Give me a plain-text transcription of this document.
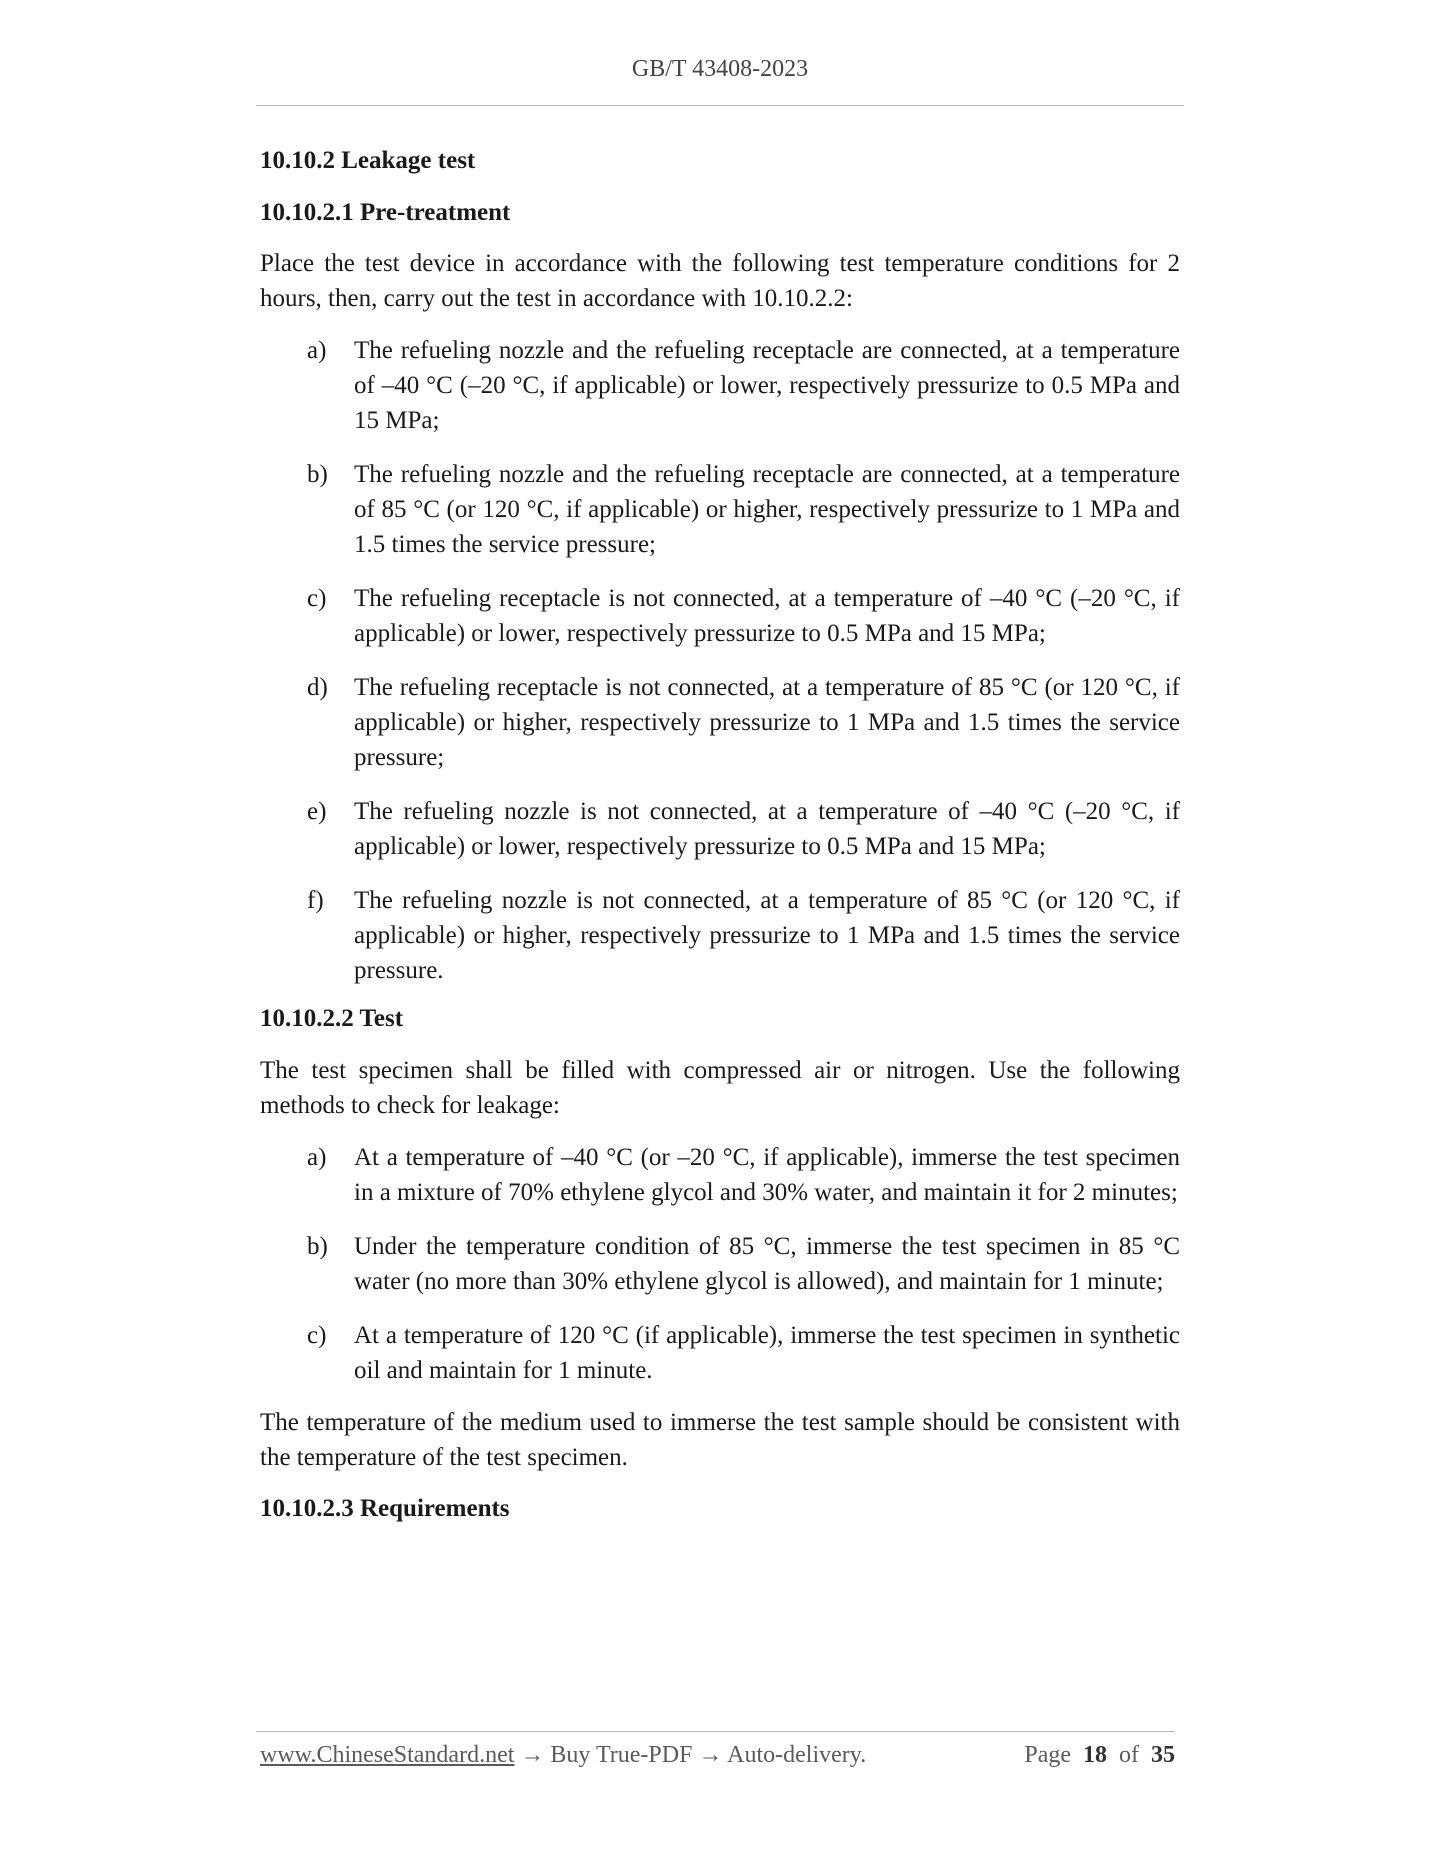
GB/T 43408-2023

10.10.2 Leakage test

10.10.2.1 Pre-treatment

Place the test device in accordance with the following test temperature conditions for 2 hours, then, carry out the test in accordance with 10.10.2.2:

a)	The refueling nozzle and the refueling receptacle are connected, at a temperature of –40 °C (–20 °C, if applicable) or lower, respectively pressurize to 0.5 MPa and 15 MPa;
b)	The refueling nozzle and the refueling receptacle are connected, at a temperature of 85 °C (or 120 °C, if applicable) or higher, respectively pressurize to 1 MPa and 1.5 times the service pressure;
c)	The refueling receptacle is not connected, at a temperature of –40 °C (–20 °C, if applicable) or lower, respectively pressurize to 0.5 MPa and 15 MPa;
d)	The refueling receptacle is not connected, at a temperature of 85 °C (or 120 °C, if applicable) or higher, respectively pressurize to 1 MPa and 1.5 times the service pressure;
e)	The refueling nozzle is not connected, at a temperature of –40 °C (–20 °C, if applicable) or lower, respectively pressurize to 0.5 MPa and 15 MPa;
f)	The refueling nozzle is not connected, at a temperature of 85 °C (or 120 °C, if applicable) or higher, respectively pressurize to 1 MPa and 1.5 times the service pressure.

10.10.2.2 Test

The test specimen shall be filled with compressed air or nitrogen. Use the following methods to check for leakage:

a)	At a temperature of –40 °C (or –20 °C, if applicable), immerse the test specimen in a mixture of 70% ethylene glycol and 30% water, and maintain it for 2 minutes;
b)	Under the temperature condition of 85 °C, immerse the test specimen in 85 °C water (no more than 30% ethylene glycol is allowed), and maintain for 1 minute;
c)	At a temperature of 120 °C (if applicable), immerse the test specimen in synthetic oil and maintain for 1 minute.

The temperature of the medium used to immerse the test sample should be consistent with the temperature of the test specimen.

10.10.2.3 Requirements

www.ChineseStandard.net → Buy True-PDF → Auto-delivery.	Page 18 of 35
